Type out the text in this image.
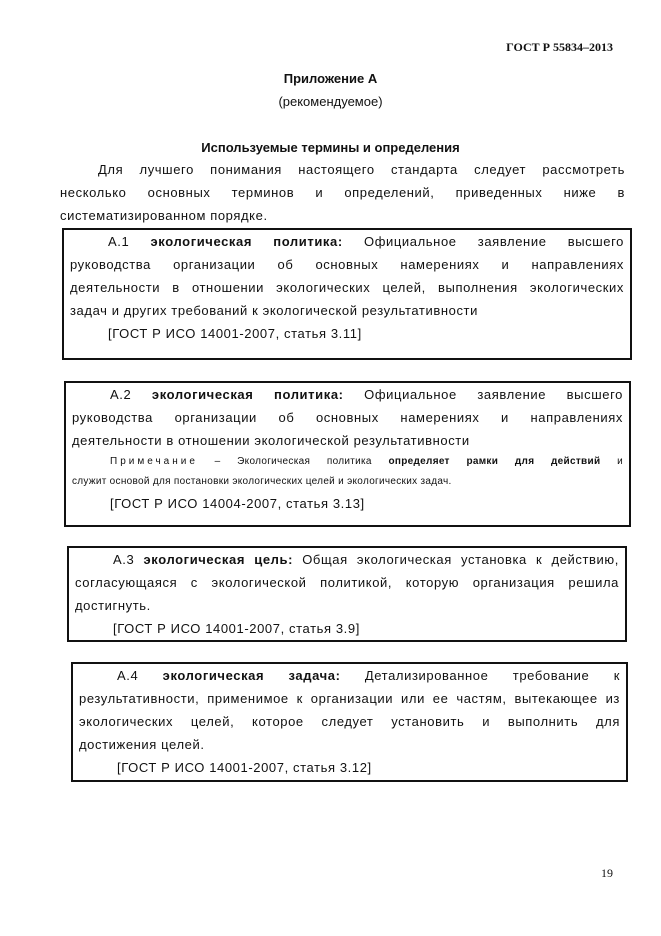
ГОСТ Р 55834–2013
Приложение А
(рекомендуемое)
Используемые термины и определения

Для лучшего понимания настоящего стандарта следует рассмотреть

несколько основных терминов и определений, приведенных ниже в

систематизированном порядке.

А.1 экологическая политика: Официальное заявление высшего

руководства организации об основных намерениях и направлениях

деятельности в отношении экологических целей, выполнения экологических

задач и других требований к экологической результативности

[ГОСТ Р ИСО 14001-2007, статья 3.11]

А.2 экологическая политика: Официальное заявление высшего

руководства организации об основных намерениях и направлениях

деятельности в отношении экологической результативности

Примечание – Экологическая политика определяет рамки для действий и

служит основой для постановки экологических целей и экологических задач.

[ГОСТ Р ИСО 14004-2007, статья 3.13]

А.3 экологическая цель: Общая экологическая установка к действию,

согласующаяся с экологической политикой, которую организация решила

достигнуть.

[ГОСТ Р ИСО 14001-2007, статья 3.9]

А.4 экологическая задача: Детализированное требование к

результативности, применимое к организации или ее частям, вытекающее из

экологических целей, которое следует установить и выполнить для

достижения целей.

[ГОСТ Р ИСО 14001-2007, статья 3.12]

19
